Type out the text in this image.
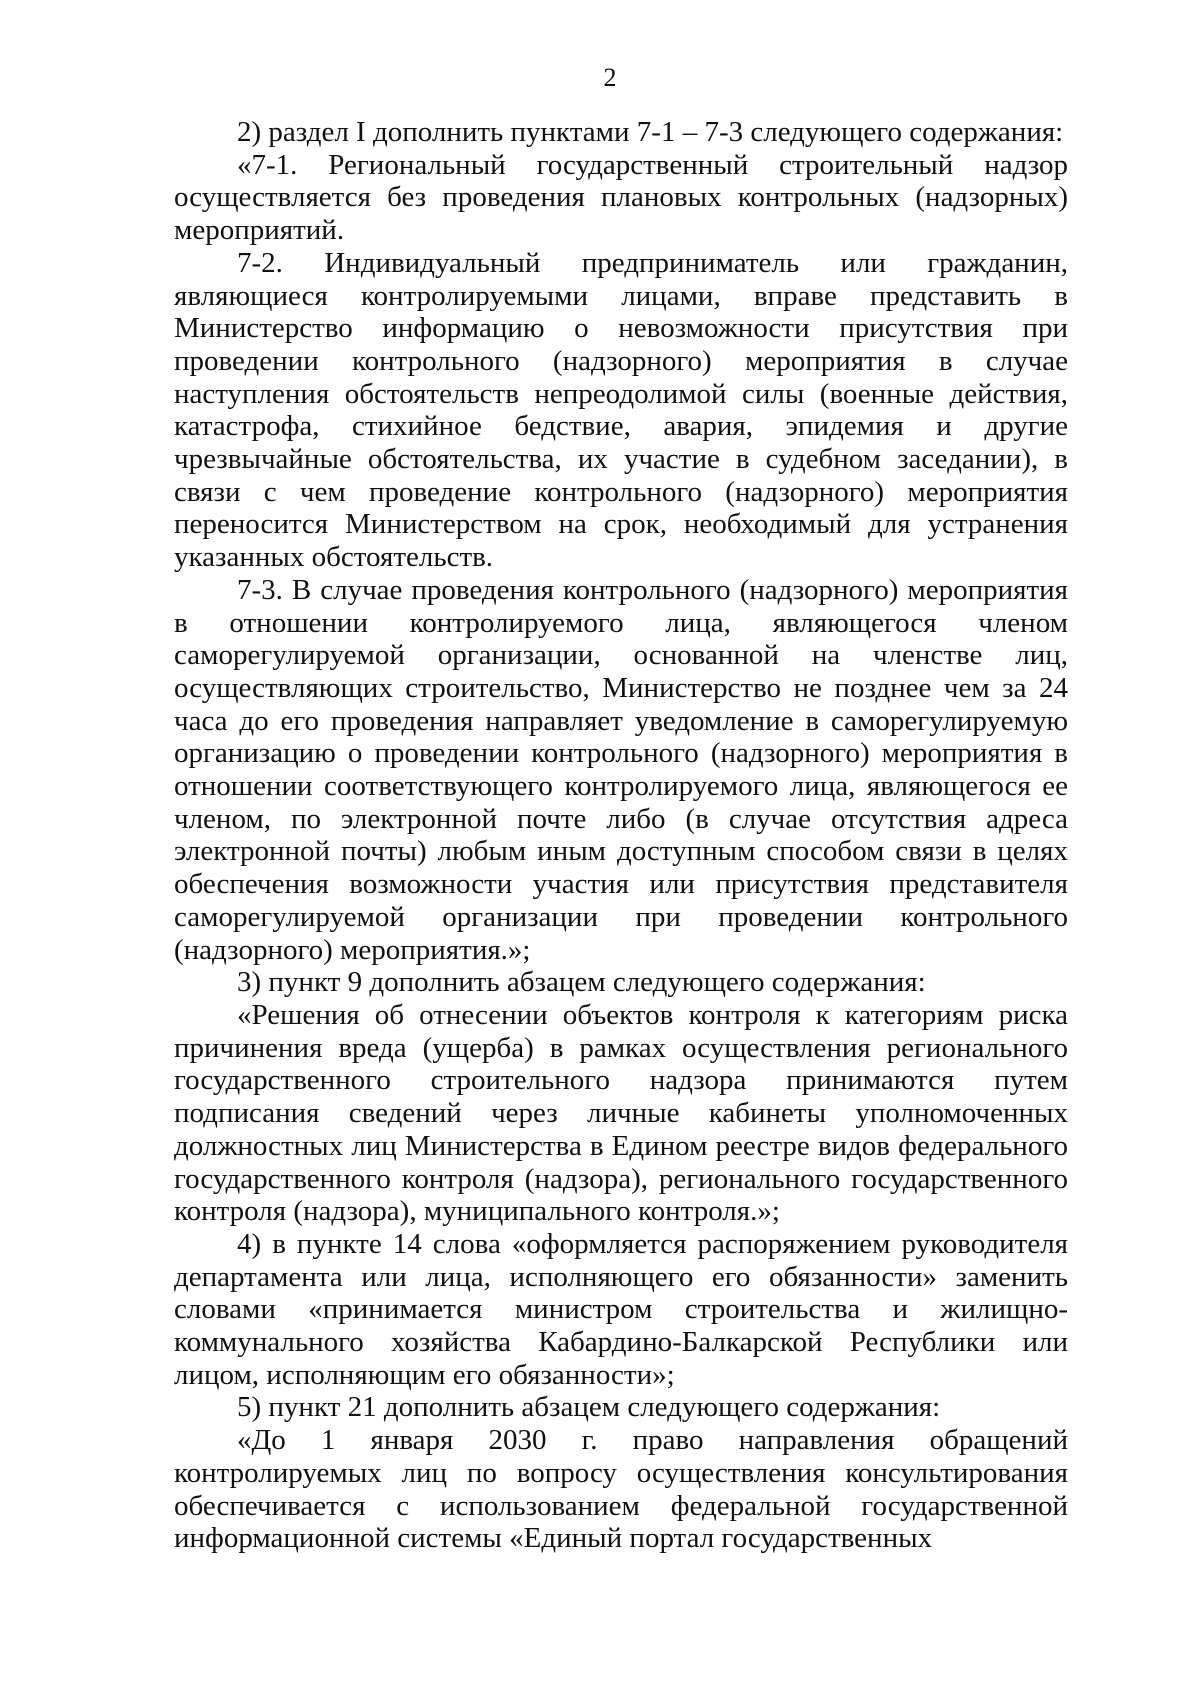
2

2) раздел I дополнить пунктами 7-1 – 7-3 следующего содержания:

«7-1. Региональный государственный строительный надзор осуществляется без проведения плановых контрольных (надзорных) мероприятий.

7-2. Индивидуальный предприниматель или гражданин, являющиеся контролируемыми лицами, вправе представить в Министерство информацию о невозможности присутствия при проведении контрольного (надзорного) мероприятия в случае наступления обстоятельств непреодолимой силы (военные действия, катастрофа, стихийное бедствие, авария, эпидемия и другие чрезвычайные обстоятельства, их участие в судебном заседании), в связи с чем проведение контрольного (надзорного) мероприятия переносится Министерством на срок, необходимый для устранения указанных обстоятельств.

7-3. В случае проведения контрольного (надзорного) мероприятия в отношении контролируемого лица, являющегося членом саморегулируемой организации, основанной на членстве лиц, осуществляющих строительство, Министерство не позднее чем за 24 часа до его проведения направляет уведомление в саморегулируемую организацию о проведении контрольного (надзорного) мероприятия в отношении соответствующего контролируемого лица, являющегося ее членом, по электронной почте либо (в случае отсутствия адреса электронной почты) любым иным доступным способом связи в целях обеспечения возможности участия или присутствия представителя саморегулируемой организации при проведении контрольного (надзорного) мероприятия.»;

3) пункт 9 дополнить абзацем следующего содержания:

«Решения об отнесении объектов контроля к категориям риска причинения вреда (ущерба) в рамках осуществления регионального государственного строительного надзора принимаются путем подписания сведений через личные кабинеты уполномоченных должностных лиц Министерства в Едином реестре видов федерального государственного контроля (надзора), регионального государственного контроля (надзора), муниципального контроля.»;

4) в пункте 14 слова «оформляется распоряжением руководителя департамента или лица, исполняющего его обязанности» заменить словами «принимается министром строительства и жилищно-коммунального хозяйства Кабардино-Балкарской Республики или лицом, исполняющим его обязанности»;

5) пункт 21 дополнить абзацем следующего содержания:

«До 1 января 2030 г. право направления обращений контролируемых лиц по вопросу осуществления консультирования обеспечивается с использованием федеральной государственной информационной системы «Единый портал государственных
